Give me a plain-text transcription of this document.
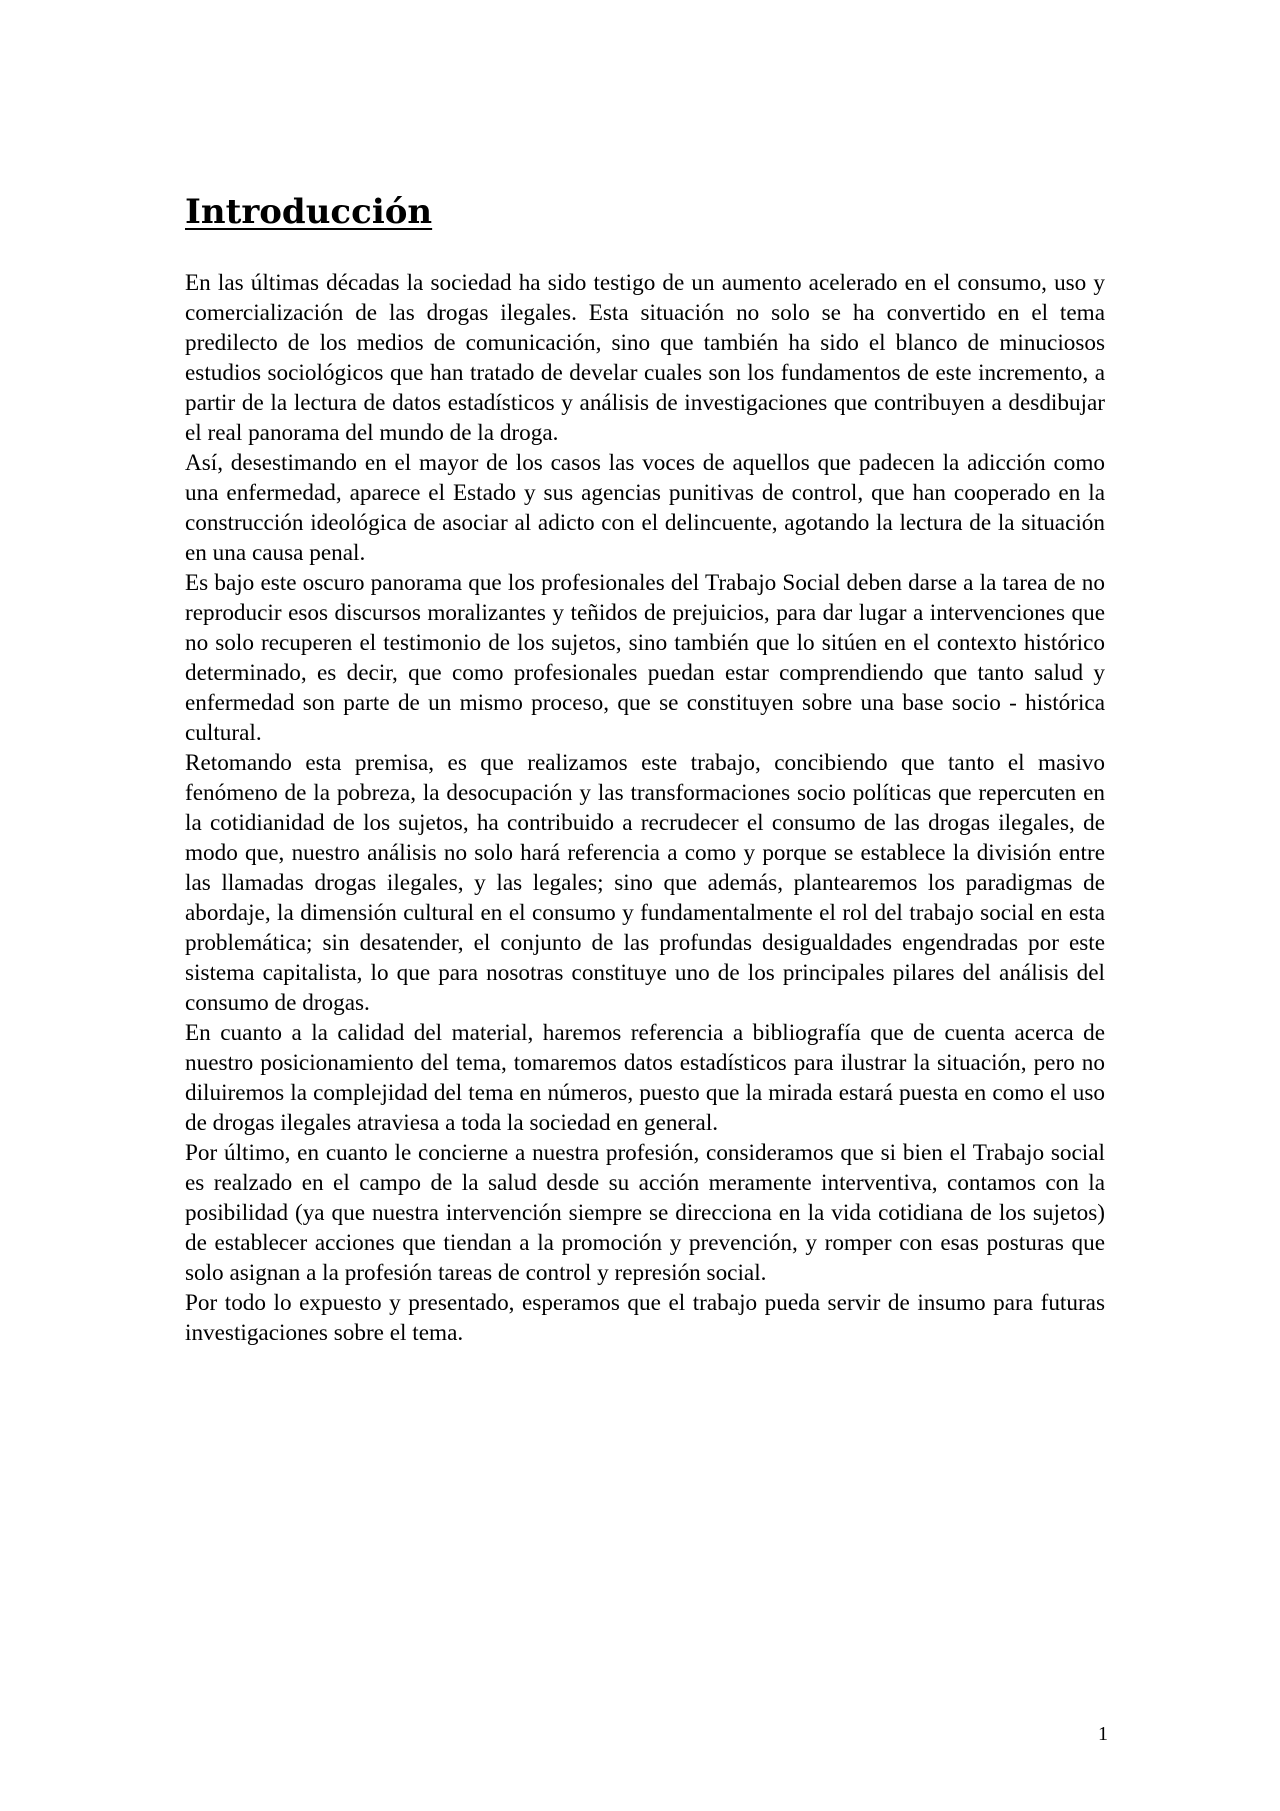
Introducción

En las últimas décadas la sociedad ha sido testigo de un aumento acelerado en el consumo, uso y comercialización de las drogas ilegales. Esta situación no solo se ha convertido en el tema predilecto de los medios de comunicación, sino que también ha sido el blanco de minuciosos estudios sociológicos que han tratado de develar cuales son los fundamentos de este incremento, a partir de la lectura de datos estadísticos y análisis de investigaciones que contribuyen a desdibujar el real panorama del mundo de la droga.

Así, desestimando en el mayor de los casos las voces de aquellos que padecen la adicción como una enfermedad, aparece el Estado y sus agencias punitivas de control, que han cooperado en la construcción ideológica de asociar al adicto con el delincuente, agotando la lectura de la situación en una causa penal.

Es bajo este oscuro panorama que los profesionales del Trabajo Social deben darse a la tarea de no reproducir esos discursos moralizantes y teñidos de prejuicios, para dar lugar a intervenciones que no solo recuperen el testimonio de los sujetos, sino también que lo sitúen en el contexto histórico determinado, es decir, que como profesionales puedan estar comprendiendo que tanto salud y enfermedad son parte de un mismo proceso, que se constituyen sobre una base socio - histórica cultural.

Retomando esta premisa, es que realizamos este trabajo, concibiendo que tanto el masivo fenómeno de la pobreza, la desocupación y las transformaciones socio políticas que repercuten en la cotidianidad de los sujetos, ha contribuido a recrudecer el consumo de las drogas ilegales, de modo que, nuestro análisis no solo hará referencia a como y porque se establece la división entre las llamadas drogas ilegales, y las legales; sino que además, plantearemos los paradigmas de abordaje, la dimensión cultural en el consumo y fundamentalmente el rol del trabajo social en esta problemática; sin desatender, el conjunto de las profundas desigualdades engendradas por este sistema capitalista, lo que para nosotras constituye uno de los principales pilares del análisis del consumo de drogas.

En cuanto a la calidad del material, haremos referencia a bibliografía que de cuenta acerca de nuestro posicionamiento del tema, tomaremos datos estadísticos para ilustrar la situación, pero no diluiremos la complejidad del tema en números, puesto que la mirada estará puesta en como el uso de drogas ilegales atraviesa a toda la sociedad en general.

Por último, en cuanto le concierne a nuestra profesión, consideramos que si bien el Trabajo social es realzado en el campo de la salud desde su acción meramente interventiva, contamos con la posibilidad (ya que nuestra intervención siempre se direcciona en la vida cotidiana de los sujetos) de establecer acciones que tiendan a la promoción y prevención, y romper con esas posturas que solo asignan a la profesión tareas de control y represión social.

Por todo lo expuesto y presentado, esperamos que el trabajo pueda servir de insumo para futuras investigaciones sobre el tema.

1
